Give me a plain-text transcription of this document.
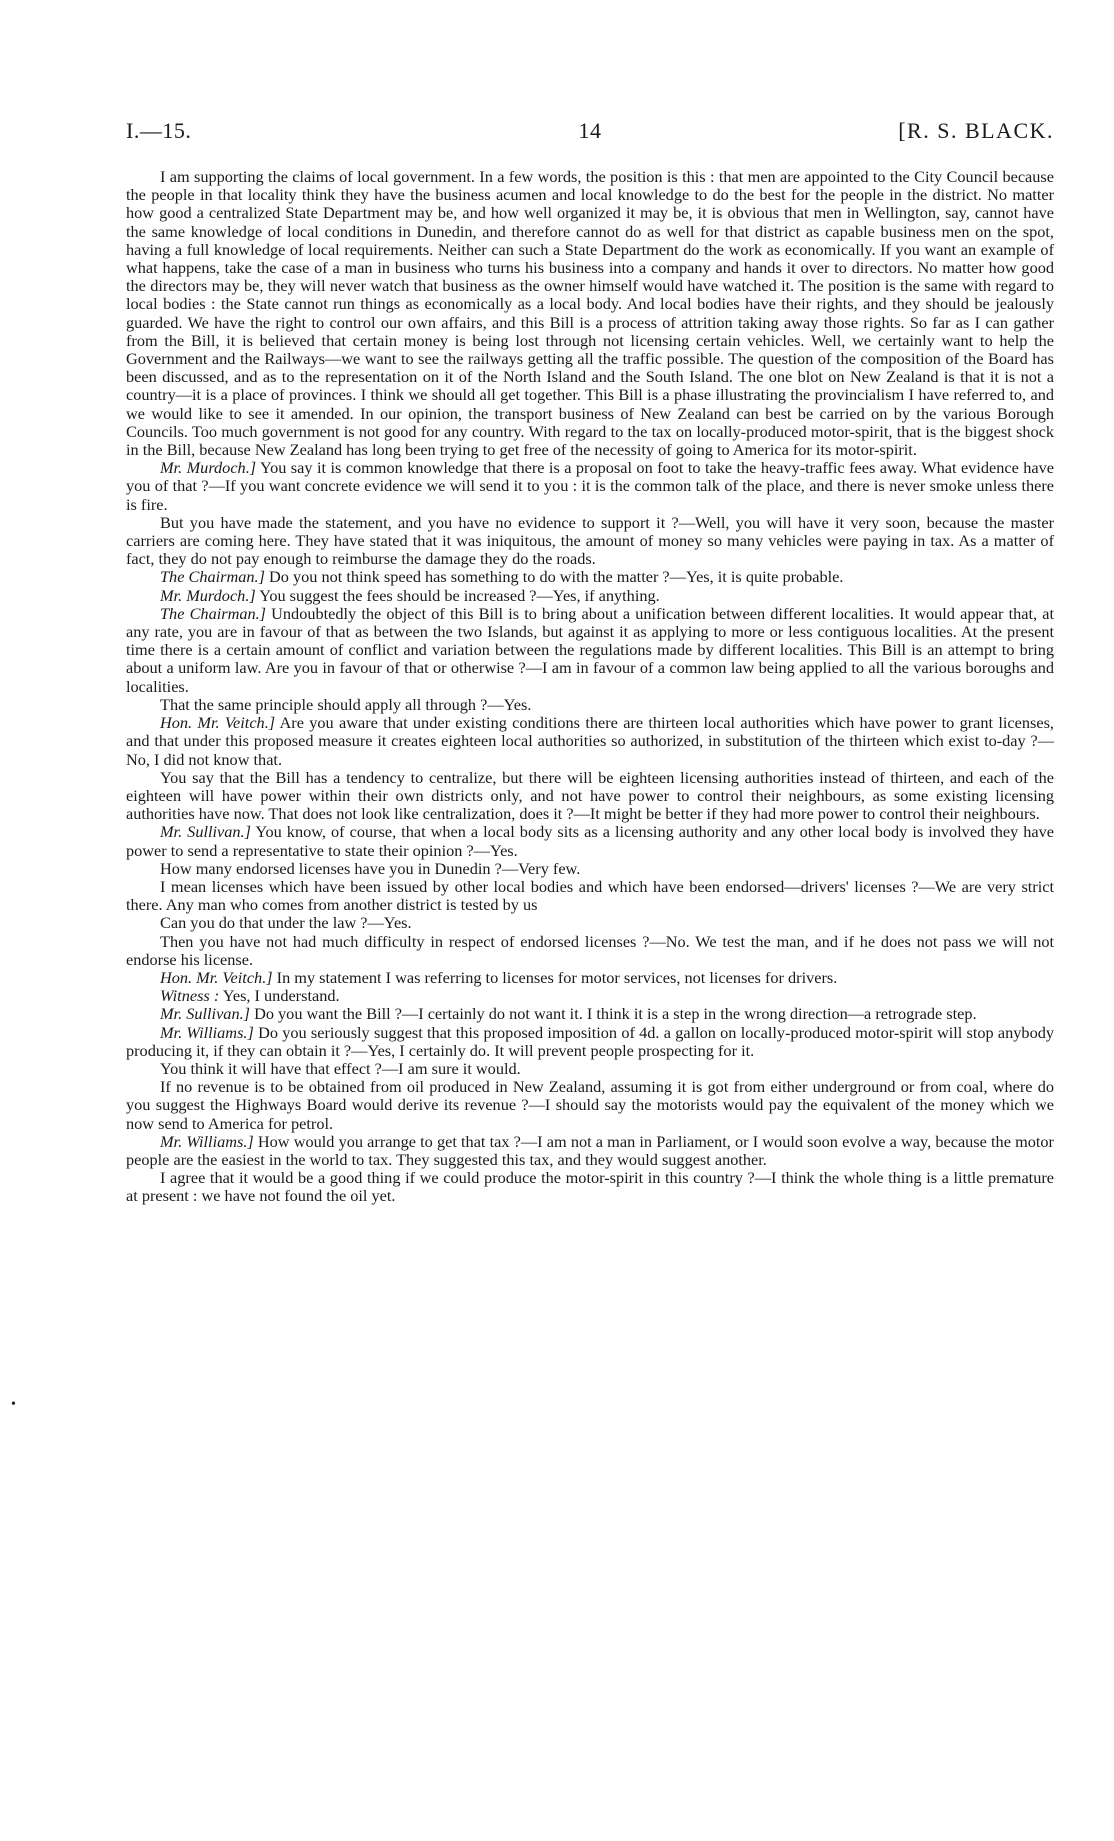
I.—15.	14	[R. S. BLACK.

I am supporting the claims of local government. In a few words, the position is this : that men are appointed to the City Council because the people in that locality think they have the business acumen and local knowledge to do the best for the people in the district. No matter how good a centralized State Department may be, and how well organized it may be, it is obvious that men in Wellington, say, cannot have the same knowledge of local conditions in Dunedin, and therefore cannot do as well for that district as capable business men on the spot, having a full knowledge of local requirements. Neither can such a State Department do the work as economically. If you want an example of what happens, take the case of a man in business who turns his business into a company and hands it over to directors. No matter how good the directors may be, they will never watch that business as the owner himself would have watched it. The position is the same with regard to local bodies : the State cannot run things as economically as a local body. And local bodies have their rights, and they should be jealously guarded. We have the right to control our own affairs, and this Bill is a process of attrition taking away those rights. So far as I can gather from the Bill, it is believed that certain money is being lost through not licensing certain vehicles. Well, we certainly want to help the Government and the Railways—we want to see the railways getting all the traffic possible. The question of the composition of the Board has been discussed, and as to the representation on it of the North Island and the South Island. The one blot on New Zealand is that it is not a country—it is a place of provinces. I think we should all get together. This Bill is a phase illustrating the provincialism I have referred to, and we would like to see it amended. In our opinion, the transport business of New Zealand can best be carried on by the various Borough Councils. Too much government is not good for any country. With regard to the tax on locally-produced motor-spirit, that is the biggest shock in the Bill, because New Zealand has long been trying to get free of the necessity of going to America for its motor-spirit.

Mr. Murdoch.] You say it is common knowledge that there is a proposal on foot to take the heavy-traffic fees away. What evidence have you of that ?—If you want concrete evidence we will send it to you : it is the common talk of the place, and there is never smoke unless there is fire.

But you have made the statement, and you have no evidence to support it ?—Well, you will have it very soon, because the master carriers are coming here. They have stated that it was iniquitous, the amount of money so many vehicles were paying in tax. As a matter of fact, they do not pay enough to reimburse the damage they do the roads.

The Chairman.] Do you not think speed has something to do with the matter ?—Yes, it is quite probable.

Mr. Murdoch.] You suggest the fees should be increased ?—Yes, if anything.

The Chairman.] Undoubtedly the object of this Bill is to bring about a unification between different localities. It would appear that, at any rate, you are in favour of that as between the two Islands, but against it as applying to more or less contiguous localities. At the present time there is a certain amount of conflict and variation between the regulations made by different localities. This Bill is an attempt to bring about a uniform law. Are you in favour of that or otherwise ?—I am in favour of a common law being applied to all the various boroughs and localities.

That the same principle should apply all through ?—Yes.

Hon. Mr. Veitch.] Are you aware that under existing conditions there are thirteen local authorities which have power to grant licenses, and that under this proposed measure it creates eighteen local authorities so authorized, in substitution of the thirteen which exist to-day ?—No, I did not know that.

You say that the Bill has a tendency to centralize, but there will be eighteen licensing authorities instead of thirteen, and each of the eighteen will have power within their own districts only, and not have power to control their neighbours, as some existing licensing authorities have now. That does not look like centralization, does it ?—It might be better if they had more power to control their neighbours.

Mr. Sullivan.] You know, of course, that when a local body sits as a licensing authority and any other local body is involved they have power to send a representative to state their opinion ?—Yes.

How many endorsed licenses have you in Dunedin ?—Very few.

I mean licenses which have been issued by other local bodies and which have been endorsed—drivers' licenses ?—We are very strict there. Any man who comes from another district is tested by us

Can you do that under the law ?—Yes.

Then you have not had much difficulty in respect of endorsed licenses ?—No. We test the man, and if he does not pass we will not endorse his license.

Hon. Mr. Veitch.] In my statement I was referring to licenses for motor services, not licenses for drivers.

Witness : Yes, I understand.

Mr. Sullivan.] Do you want the Bill ?—I certainly do not want it. I think it is a step in the wrong direction—a retrograde step.

Mr. Williams.] Do you seriously suggest that this proposed imposition of 4d. a gallon on locally-produced motor-spirit will stop anybody producing it, if they can obtain it ?—Yes, I certainly do. It will prevent people prospecting for it.

You think it will have that effect ?—I am sure it would.

If no revenue is to be obtained from oil produced in New Zealand, assuming it is got from either underground or from coal, where do you suggest the Highways Board would derive its revenue ?—I should say the motorists would pay the equivalent of the money which we now send to America for petrol.

Mr. Williams.] How would you arrange to get that tax ?—I am not a man in Parliament, or I would soon evolve a way, because the motor people are the easiest in the world to tax. They suggested this tax, and they would suggest another.

I agree that it would be a good thing if we could produce the motor-spirit in this country ?—I think the whole thing is a little premature at present : we have not found the oil yet.

•
